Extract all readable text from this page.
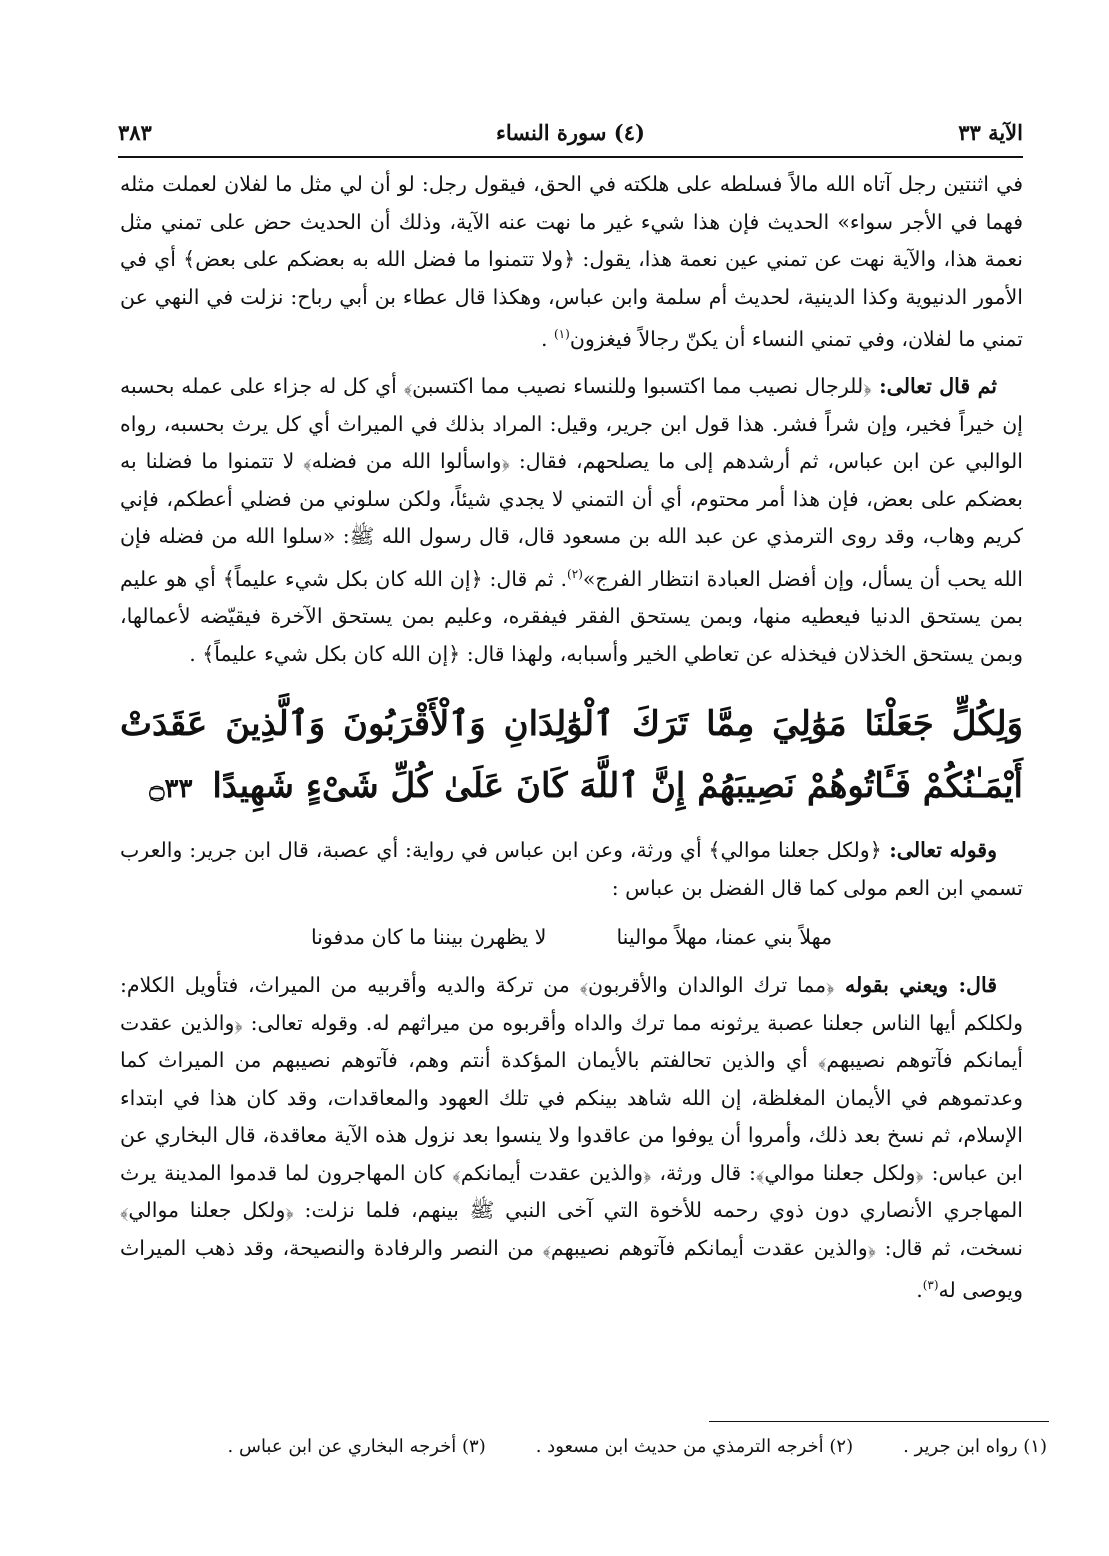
الآية ٣٣
(٤) سورة النساء
٣٨٣

في اثنتين رجل آتاه الله مالاً فسلطه على هلكته في الحق، فيقول رجل: لو أن لي مثل ما لفلان لعملت مثله فهما في الأجر سواء» الحديث فإن هذا شيء غير ما نهت عنه الآية، وذلك أن الحديث حض على تمني مثل نعمة هذا، والآية نهت عن تمني عين نعمة هذا، يقول: ﴿ولا تتمنوا ما فضل الله به بعضكم على بعض﴾ أي في الأمور الدنيوية وكذا الدينية، لحديث أم سلمة وابن عباس، وهكذا قال عطاء بن أبي رباح: نزلت في النهي عن تمني ما لفلان، وفي تمني النساء أن يكنّ رجالاً فيغزون$^{(١)}$ .

ثم قال تعالى: ﴿للرجال نصيب مما اكتسبوا وللنساء نصيب مما اكتسبن﴾ أي كل له جزاء على عمله بحسبه إن خيراً فخير، وإن شراً فشر. هذا قول ابن جرير، وقيل: المراد بذلك في الميراث أي كل يرث بحسبه، رواه الوالبي عن ابن عباس، ثم أرشدهم إلى ما يصلحهم، فقال: ﴿واسألوا الله من فضله﴾ لا تتمنوا ما فضلنا به بعضكم على بعض، فإن هذا أمر محتوم، أي أن التمني لا يجدي شيئاً، ولكن سلوني من فضلي أعطكم، فإني كريم وهاب، وقد روى الترمذي عن عبد الله بن مسعود قال، قال رسول الله ﷺ: «سلوا الله من فضله فإن الله يحب أن يسأل، وإن أفضل العبادة انتظار الفرج»$^{(٢)}$. ثم قال: ﴿إن الله كان بكل شيء عليماً﴾ أي هو عليم بمن يستحق الدنيا فيعطيه منها، وبمن يستحق الفقر فيفقره، وعليم بمن يستحق الآخرة فيقيّضه لأعمالها، وبمن يستحق الخذلان فيخذله عن تعاطي الخير وأسبابه، ولهذا قال: ﴿إن الله كان بكل شيء عليماً﴾ .

وَلِكُلٍّ جَعَلْنَا مَوَٰلِيَ مِمَّا تَرَكَ ٱلْوَٰلِدَانِ وَٱلْأَقْرَبُونَ وَٱلَّذِينَ عَقَدَتْ أَيْمَـٰنُكُمْ فَـَٔاتُوهُمْ نَصِيبَهُمْ إِنَّ ٱللَّهَ كَانَ عَلَىٰ كُلِّ شَىْءٍ شَهِيدًا ۝٣٣

وقوله تعالى: ﴿ولكل جعلنا موالي﴾ أي ورثة، وعن ابن عباس في رواية: أي عصبة، قال ابن جرير: والعرب تسمي ابن العم مولى كما قال الفضل بن عباس :

مهلاً بني عمنا، مهلاً موالينا
لا يظهرن بيننا ما كان مدفونا

قال: ويعني بقوله ﴿مما ترك الوالدان والأقربون﴾ من تركة والديه وأقربيه من الميراث، فتأويل الكلام: ولكلكم أيها الناس جعلنا عصبة يرثونه مما ترك والداه وأقربوه من ميراثهم له. وقوله تعالى: ﴿والذين عقدت أيمانكم فآتوهم نصيبهم﴾ أي والذين تحالفتم بالأيمان المؤكدة أنتم وهم، فآتوهم نصيبهم من الميراث كما وعدتموهم في الأيمان المغلظة، إن الله شاهد بينكم في تلك العهود والمعاقدات، وقد كان هذا في ابتداء الإسلام، ثم نسخ بعد ذلك، وأمروا أن يوفوا من عاقدوا ولا ينسوا بعد نزول هذه الآية معاقدة، قال البخاري عن ابن عباس: ﴿ولكل جعلنا موالي﴾: قال ورثة، ﴿والذين عقدت أيمانكم﴾ كان المهاجرون لما قدموا المدينة يرث المهاجري الأنصاري دون ذوي رحمه للأخوة التي آخى النبي ﷺ بينهم، فلما نزلت: ﴿ولكل جعلنا موالي﴾ نسخت، ثم قال: ﴿والذين عقدت أيمانكم فآتوهم نصيبهم﴾ من النصر والرفادة والنصيحة، وقد ذهب الميراث ويوصى له$^{(٣)}$.

(١) رواه ابن جرير .
(٢) أخرجه الترمذي من حديث ابن مسعود .
(٣) أخرجه البخاري عن ابن عباس .
